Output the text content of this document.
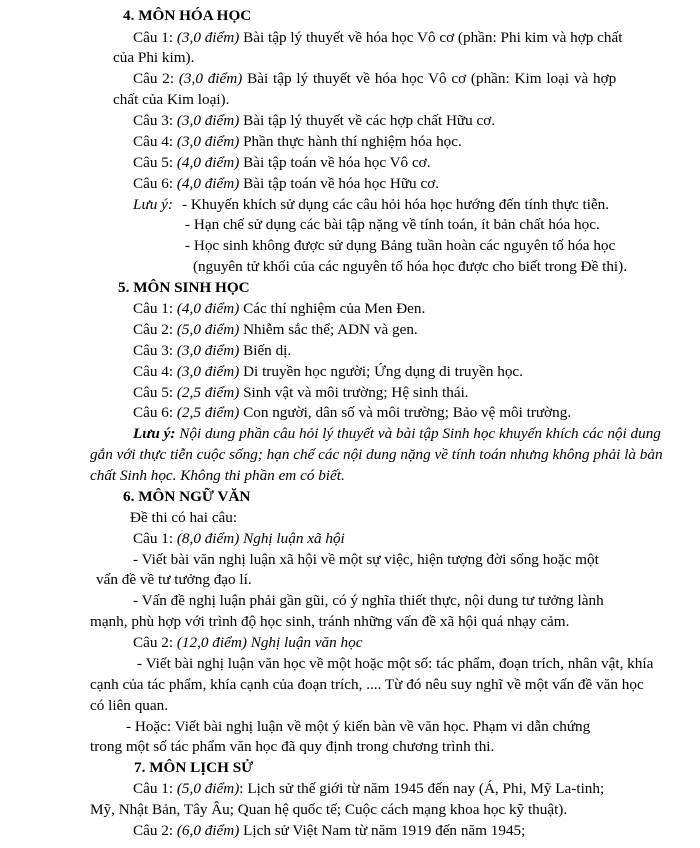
4. MÔN HÓA HỌC
Câu 1: (3,0 điểm) Bài tập lý thuyết về hóa học Vô cơ (phần: Phi kim và hợp chất
của Phi kim).
Câu 2: (3,0 điểm) Bài tập lý thuyết về hóa học Vô cơ (phần: Kim loại và hợp
chất của Kim loại).
Câu 3: (3,0 điểm) Bài tập lý thuyết về các hợp chất Hữu cơ.
Câu 4: (3,0 điểm) Phần thực hành thí nghiệm hóa học.
Câu 5: (4,0 điểm) Bài tập toán về hóa học Vô cơ.
Câu 6: (4,0 điểm) Bài tập toán về hóa học Hữu cơ.
Lưu ý: - Khuyến khích sử dụng các câu hỏi hóa học hướng đến tính thực tiễn.
- Hạn chế sử dụng các bài tập nặng về tính toán, ít bản chất hóa học.
- Học sinh không được sử dụng Bảng tuần hoàn các nguyên tố hóa học
(nguyên tử khối của các nguyên tố hóa học được cho biết trong Đề thi).
5. MÔN SINH HỌC
Câu 1: (4,0 điểm) Các thí nghiệm của Men Đen.
Câu 2: (5,0 điểm) Nhiễm sắc thể; ADN và gen.
Câu 3: (3,0 điểm) Biến dị.
Câu 4: (3,0 điểm) Di truyền học người; Ứng dụng di truyền học.
Câu 5: (2,5 điểm) Sinh vật và môi trường; Hệ sinh thái.
Câu 6: (2,5 điểm) Con người, dân số và môi trường; Bảo vệ môi trường.
Lưu ý: Nội dung phần câu hỏi lý thuyết và bài tập Sinh học khuyến khích các nội dung
gắn với thực tiễn cuộc sống; hạn chế các nội dung nặng về tính toán nhưng không phải là bản
chất Sinh học. Không thi phần em có biết.
6. MÔN NGỮ VĂN
Đề thi có hai câu:
Câu 1: (8,0 điểm) Nghị luận xã hội
- Viết bài văn nghị luận xã hội về một sự việc, hiện tượng đời sống hoặc một
vấn đề về tư tưởng đạo lí.
- Vấn đề nghị luận phải gần gũi, có ý nghĩa thiết thực, nội dung tư tưởng lành
mạnh, phù hợp với trình độ học sinh, tránh những vấn đề xã hội quá nhạy cảm.
Câu 2: (12,0 điểm) Nghị luận văn học
- Viết bài nghị luận văn học về một hoặc một số: tác phẩm, đoạn trích, nhân vật, khía
cạnh của tác phẩm, khía cạnh của đoạn trích, .... Từ đó nêu suy nghĩ về một vấn đề văn học
có liên quan.
- Hoặc: Viết bài nghị luận về một ý kiến bàn về văn học. Phạm vi dẫn chứng
trong một số tác phẩm văn học đã quy định trong chương trình thi.
7. MÔN LỊCH SỬ
Câu 1: (5,0 điểm): Lịch sử thế giới từ năm 1945 đến nay (Á, Phi, Mỹ La-tinh;
Mỹ, Nhật Bản, Tây Âu; Quan hệ quốc tế; Cuộc cách mạng khoa học kỹ thuật).
Câu 2: (6,0 điểm) Lịch sử Việt Nam từ năm 1919 đến năm 1945;
